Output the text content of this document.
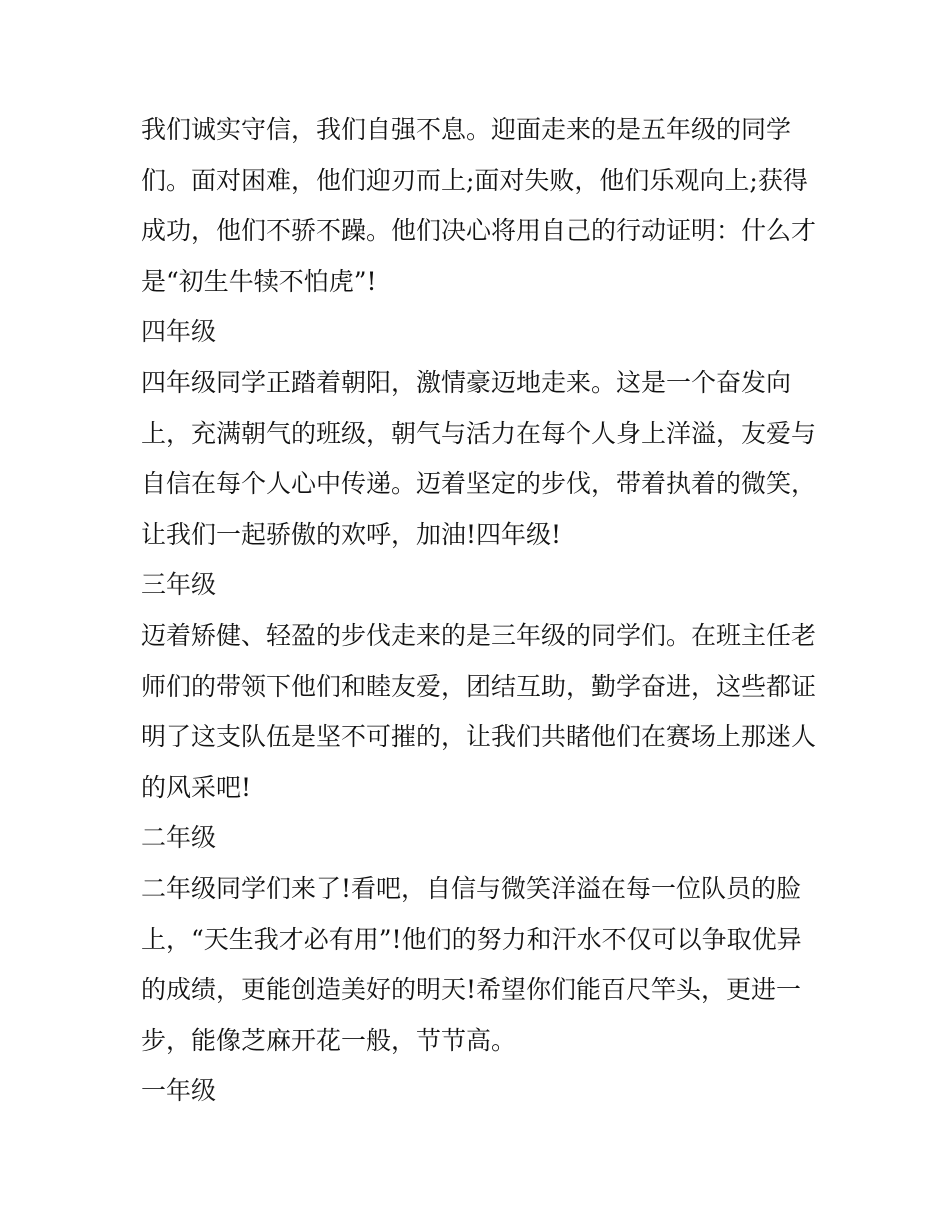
我们诚实守信，我们自强不息。迎面走来的是五年级的同学
们。面对困难，他们迎刃而上;面对失败，他们乐观向上;获得
成功，他们不骄不躁。他们决心将用自己的行动证明：什么才
是“初生牛犊不怕虎”!
四年级
四年级同学正踏着朝阳，激情豪迈地走来。这是一个奋发向
上，充满朝气的班级，朝气与活力在每个人身上洋溢，友爱与
自信在每个人心中传递。迈着坚定的步伐，带着执着的微笑，
让我们一起骄傲的欢呼，加油!四年级!
三年级
迈着矫健、轻盈的步伐走来的是三年级的同学们。在班主任老
师们的带领下他们和睦友爱，团结互助，勤学奋进，这些都证
明了这支队伍是坚不可摧的，让我们共睹他们在赛场上那迷人
的风采吧!
二年级
二年级同学们来了!看吧，自信与微笑洋溢在每一位队员的脸
上，“天生我才必有用”!他们的努力和汗水不仅可以争取优异
的成绩，更能创造美好的明天!希望你们能百尺竿头，更进一
步，能像芝麻开花一般，节节高。
一年级
